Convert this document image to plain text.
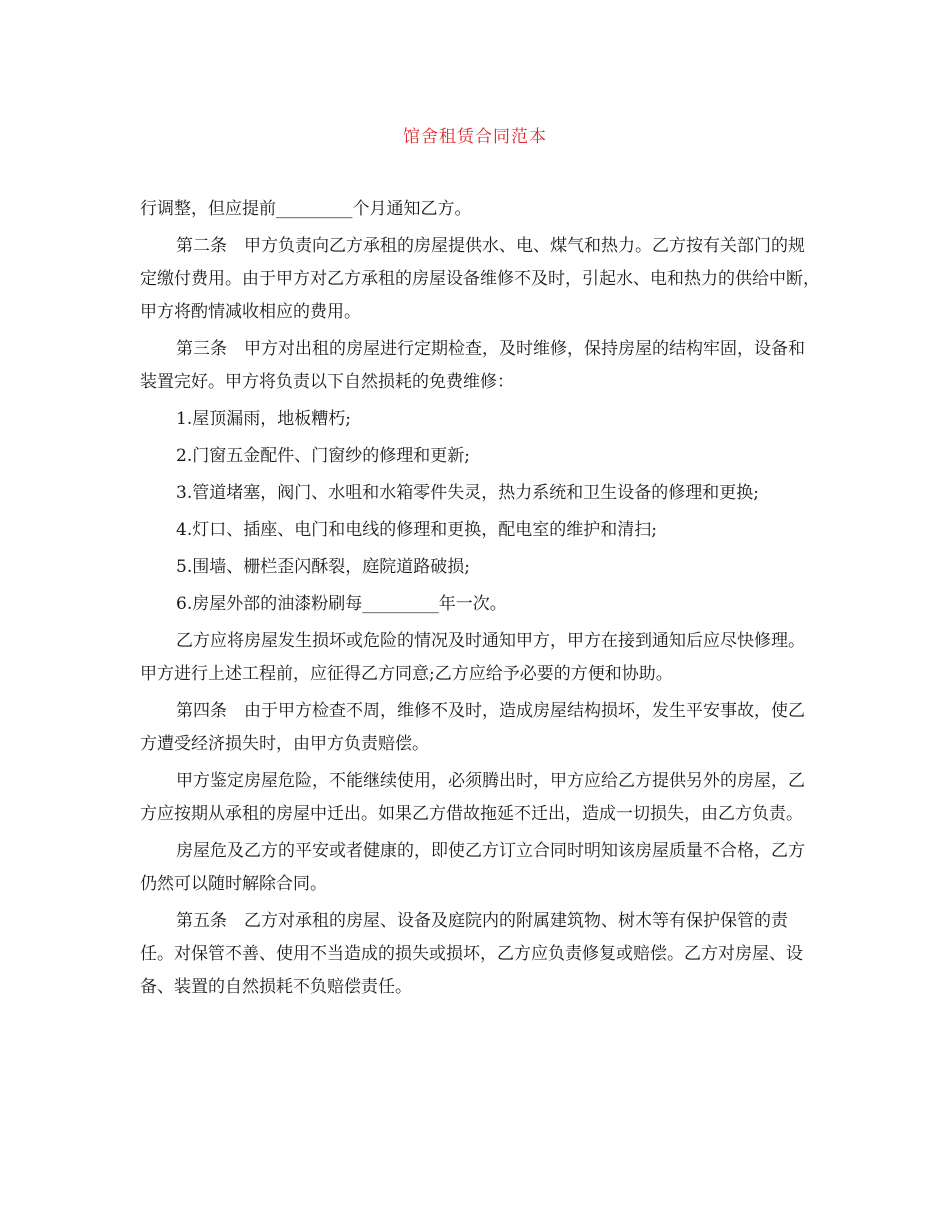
馆舍租赁合同范本

行调整，但应提前_________个月通知乙方。

第二条　甲方负责向乙方承租的房屋提供水、电、煤气和热力。乙方按有关部门的规定缴付费用。由于甲方对乙方承租的房屋设备维修不及时，引起水、电和热力的供给中断，甲方将酌情减收相应的费用。

第三条　甲方对出租的房屋进行定期检查，及时维修，保持房屋的结构牢固，设备和装置完好。甲方将负责以下自然损耗的免费维修：

1.屋顶漏雨，地板糟朽;

2.门窗五金配件、门窗纱的修理和更新;

3.管道堵塞，阀门、水咀和水箱零件失灵，热力系统和卫生设备的修理和更换;

4.灯口、插座、电门和电线的修理和更换，配电室的维护和清扫;

5.围墙、栅栏歪闪酥裂，庭院道路破损;

6.房屋外部的油漆粉刷每_________年一次。

乙方应将房屋发生损坏或危险的情况及时通知甲方，甲方在接到通知后应尽快修理。甲方进行上述工程前，应征得乙方同意;乙方应给予必要的方便和协助。

第四条　由于甲方检查不周，维修不及时，造成房屋结构损坏，发生平安事故，使乙方遭受经济损失时，由甲方负责赔偿。

甲方鉴定房屋危险，不能继续使用，必须腾出时，甲方应给乙方提供另外的房屋，乙方应按期从承租的房屋中迁出。如果乙方借故拖延不迁出，造成一切损失，由乙方负责。

房屋危及乙方的平安或者健康的，即使乙方订立合同时明知该房屋质量不合格，乙方仍然可以随时解除合同。

第五条　乙方对承租的房屋、设备及庭院内的附属建筑物、树木等有保护保管的责任。对保管不善、使用不当造成的损失或损坏，乙方应负责修复或赔偿。乙方对房屋、设备、装置的自然损耗不负赔偿责任。
